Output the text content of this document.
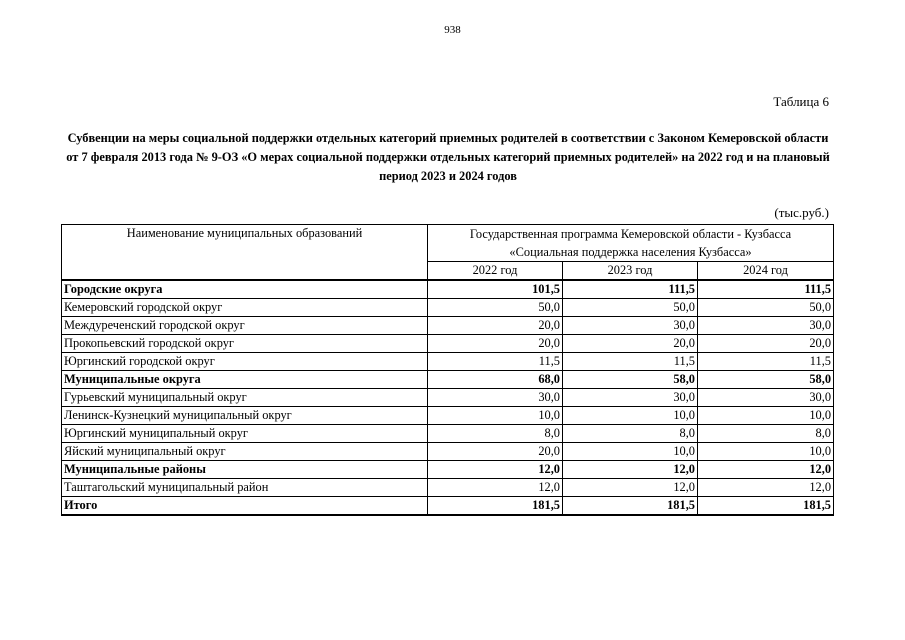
938
Таблица 6
Субвенции на меры социальной поддержки отдельных категорий приемных родителей в соответствии с Законом Кемеровской области от 7 февраля 2013 года № 9-ОЗ «О мерах социальной поддержки отдельных категорий приемных родителей» на 2022 год и на плановый период 2023 и 2024 годов
(тыс.руб.)
Наименование муниципальных образований	Государственная программа Кемеровской области - Кузбасса
«Социальная поддержка населения Кузбасса»		

	2022 год	2023 год	2024 год
Городские округа	101,5	111,5	111,5
Кемеровский городской округ	50,0	50,0	50,0
Междуреченский городской округ	20,0	30,0	30,0
Прокопьевский городской округ	20,0	20,0	20,0
Юргинский городской округ	11,5	11,5	11,5
Муниципальные округа	68,0	58,0	58,0
Гурьевский муниципальный округ	30,0	30,0	30,0
Ленинск-Кузнецкий муниципальный округ	10,0	10,0	10,0
Юргинский муниципальный округ	8,0	8,0	8,0
Яйский муниципальный округ	20,0	10,0	10,0
Муниципальные районы	12,0	12,0	12,0
Таштагольский муниципальный район	12,0	12,0	12,0
Итого	181,5	181,5	181,5
